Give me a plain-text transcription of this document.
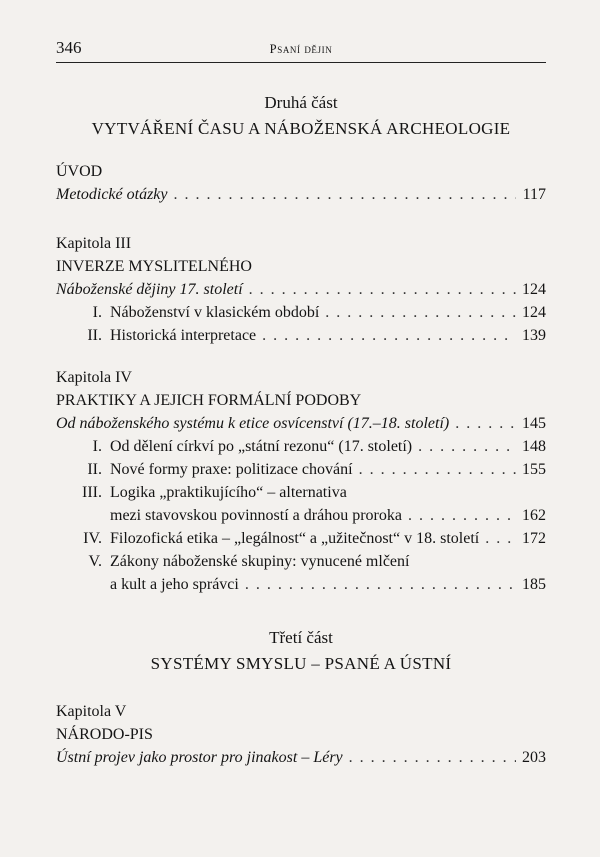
346	Psaní dějin
Druhá část
VYTVÁŘENÍ ČASU A NÁBOŽENSKÁ ARCHEOLOGIE
ÚVOD
Metodické otázky . . .	117
Kapitola III
INVERZE MYSLITELNÉHO
Náboženské dějiny 17. století . . .	124
I. Náboženství v klasickém období . . .	124
II. Historická interpretace . . .	139
Kapitola IV
PRAKTIKY A JEJICH FORMÁLNÍ PODOBY
Od náboženského systému k etice osvícenství (17.–18. století) . . .	145
I. Od dělení církví po „státní rezonu“ (17. století) . . .	148
II. Nové formy praxe: politizace chování . . .	155
III. Logika „praktikujícího“ – alternativa
mezi stavovskou povinností a dráhou proroka . . .	162
IV. Filozofická etika – „legálnost“ a „užitečnost“ v 18. století . . .	172
V. Zákony náboženské skupiny: vynucené mlčení
a kult a jeho správci . . .	185
Třetí část
SYSTÉMY SMYSLU – PSANÉ A ÚSTNÍ
Kapitola V
NÁRODO-PIS
Ústní projev jako prostor pro jinakost – Léry . . .	203
